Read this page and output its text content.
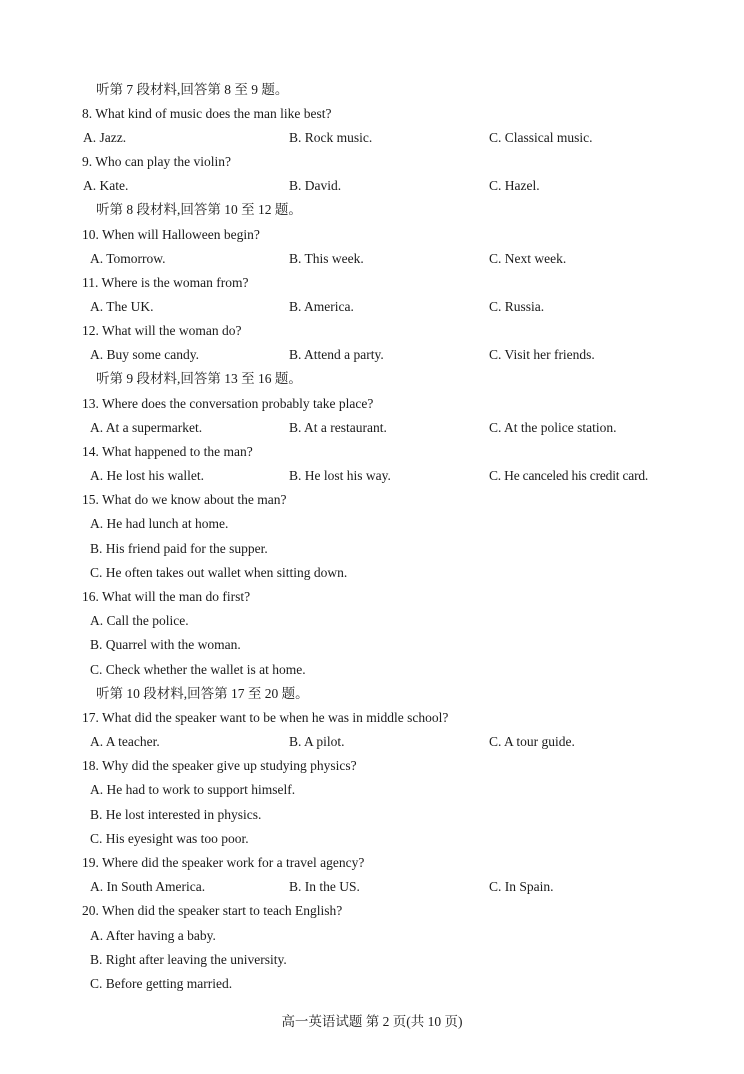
听第 7 段材料,回答第 8 至 9 题。
8. What kind of music does the man like best?
A. Jazz.	B. Rock music.	C. Classical music.
9. Who can play the violin?
A. Kate.	B. David.	C. Hazel.
听第 8 段材料,回答第 10 至 12 题。
10. When will Halloween begin?
A. Tomorrow.	B. This week.	C. Next week.
11. Where is the woman from?
A. The UK.	B. America.	C. Russia.
12. What will the woman do?
A. Buy some candy.	B. Attend a party.	C. Visit her friends.
听第 9 段材料,回答第 13 至 16 题。
13. Where does the conversation probably take place?
A. At a supermarket.	B. At a restaurant.	C. At the police station.
14. What happened to the man?
A. He lost his wallet.	B. He lost his way.	C. He canceled his credit card.
15. What do we know about the man?
A. He had lunch at home.
B. His friend paid for the supper.
C. He often takes out wallet when sitting down.
16. What will the man do first?
A. Call the police.
B. Quarrel with the woman.
C. Check whether the wallet is at home.
听第 10 段材料,回答第 17 至 20 题。
17. What did the speaker want to be when he was in middle school?
A. A teacher.	B. A pilot.	C. A tour guide.
18. Why did the speaker give up studying physics?
A. He had to work to support himself.
B. He lost interested in physics.
C. His eyesight was too poor.
19. Where did the speaker work for a travel agency?
A. In South America.	B. In the US.	C. In Spain.
20. When did the speaker start to teach English?
A. After having a baby.
B. Right after leaving the university.
C. Before getting married.
高一英语试题 第 2 页(共 10 页)
